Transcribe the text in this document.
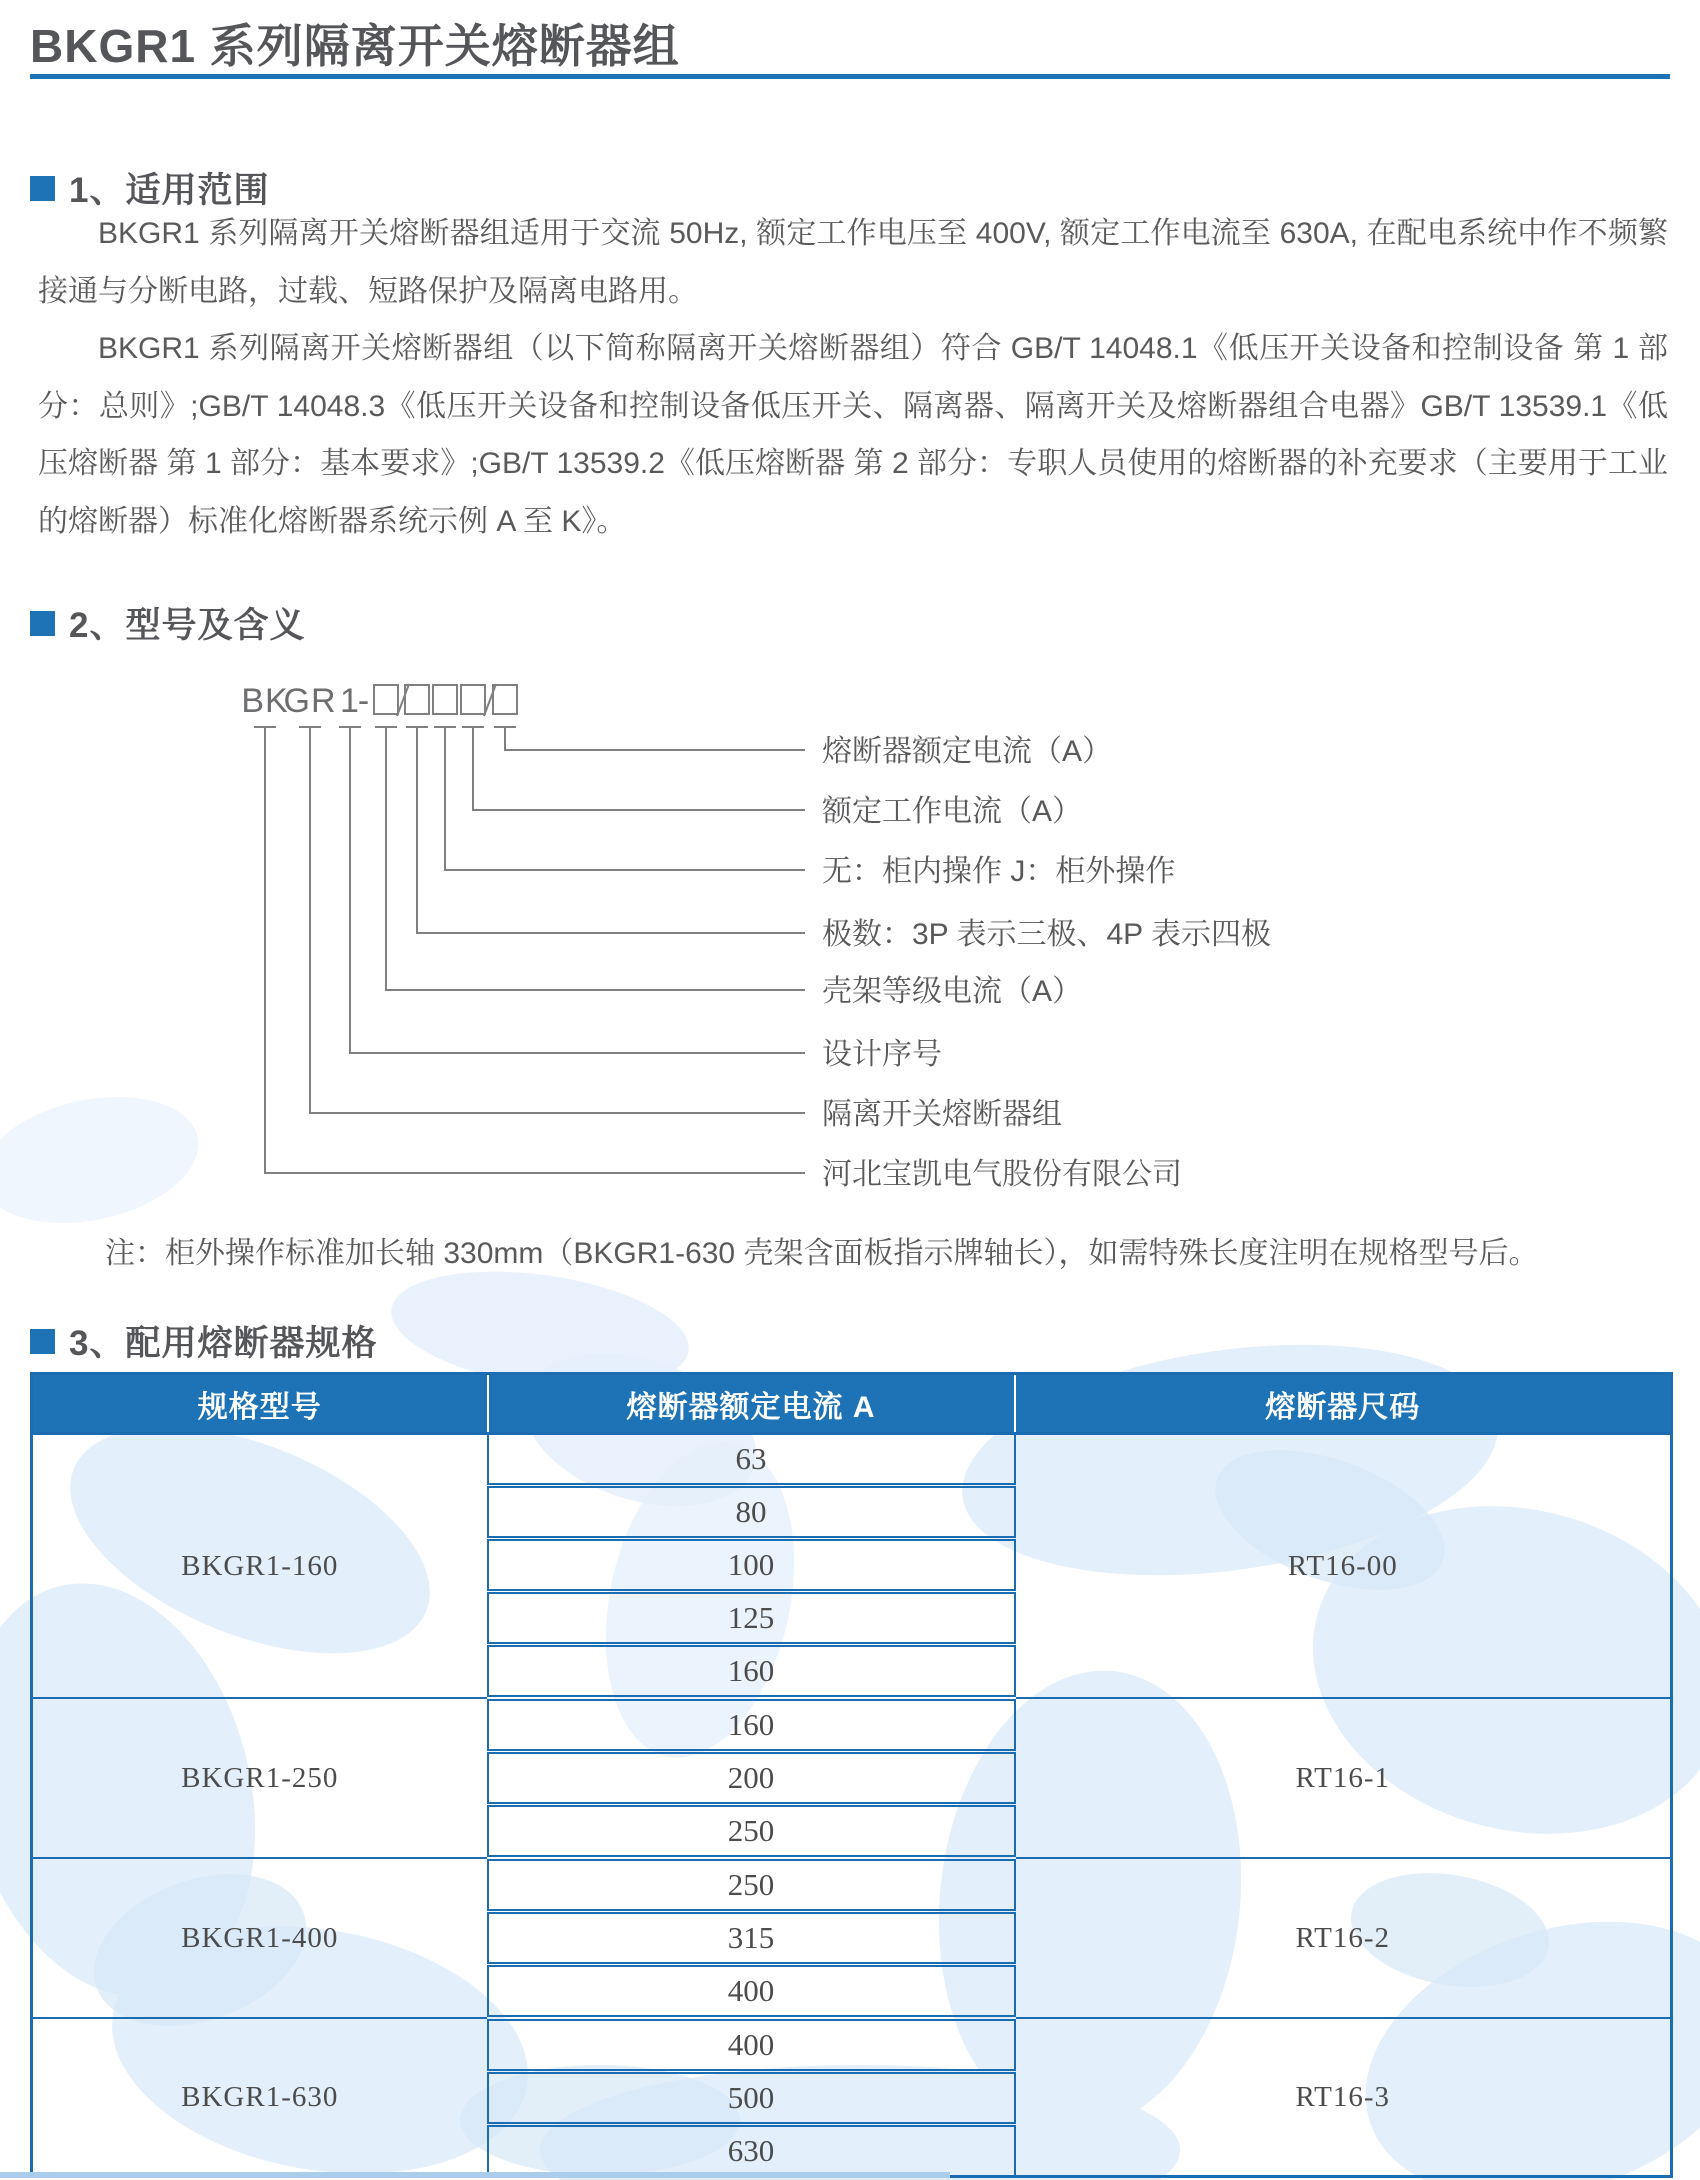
BKGR1 系列隔离开关熔断器组
1、适用范围

BKGR1 系列隔离开关熔断器组适用于交流 50Hz, 额定工作电压至 400V, 额定工作电流至 630A, 在配电系统中作不频繁接通与分断电路，过载、短路保护及隔离电路用。

BKGR1 系列隔离开关熔断器组（以下简称隔离开关熔断器组）符合 GB/T 14048.1《低压开关设备和控制设备 第 1 部分：总则》;GB/T 14048.3《低压开关设备和控制设备低压开关、隔离器、隔离开关及熔断器组合电器》GB/T 13539.1《低压熔断器 第 1 部分：基本要求》;GB/T 13539.2《低压熔断器 第 2 部分：专职人员使用的熔断器的补充要求（主要用于工业的熔断器）标准化熔断器系统示例 A 至 K》。

2、型号及含义
BK
GR 1
-
熔断器额定电流（A）
额定工作电流（A）
无：柜内操作 J：柜外操作
极数：3P 表示三极、4P 表示四极
壳架等级电流（A）
设计序号
隔离开关熔断器组
河北宝凯电气股份有限公司
注：柜外操作标准加长轴 330mm（BKGR1-630 壳架含面板指示牌轴长），如需特殊长度注明在规格型号后。
3、配用熔断器规格
规格型号	熔断器额定电流 A	熔断器尺码
BKGR1-160	63	RT16-00
	80	
	100	
	125	
	160	
BKGR1-250	160	RT16-1
	200	
	250	
BKGR1-400	250	RT16-2
	315	
	400	
BKGR1-630	400	RT16-3
	500	
	630	
